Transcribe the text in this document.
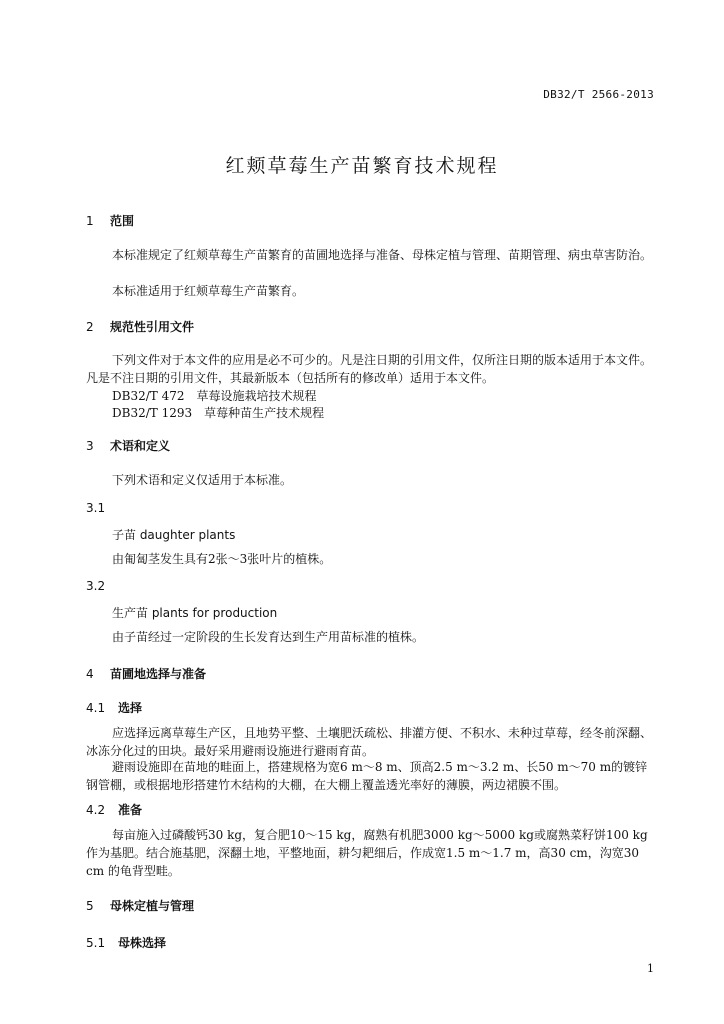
DB32/T 2566-2013
红颊草莓生产苗繁育技术规程
1 范围
本标准规定了红颊草莓生产苗繁育的苗圃地选择与准备、母株定植与管理、苗期管理、病虫草害防治。
本标准适用于红颊草莓生产苗繁育。
2 规范性引用文件
下列文件对于本文件的应用是必不可少的。凡是注日期的引用文件，仅所注日期的版本适用于本文件。凡是不注日期的引用文件，其最新版本（包括所有的修改单）适用于本文件。
DB32/T 472　草莓设施栽培技术规程
DB32/T 1293　草莓种苗生产技术规程
3 术语和定义
下列术语和定义仅适用于本标准。
3.1
子苗 daughter plants
由匍匐茎发生具有2张～3张叶片的植株。
3.2
生产苗 plants for production
由子苗经过一定阶段的生长发育达到生产用苗标准的植株。
4 苗圃地选择与准备
4.1 选择
应选择远离草莓生产区，且地势平整、土壤肥沃疏松、排灌方便、不积水、未种过草莓，经冬前深翻、冰冻分化过的田块。最好采用避雨设施进行避雨育苗。
避雨设施即在苗地的畦面上，搭建规格为宽6 m～8 m、顶高2.5 m～3.2 m、长50 m～70 m的镀锌钢管棚，或根据地形搭建竹木结构的大棚，在大棚上覆盖透光率好的薄膜，两边裙膜不围。
4.2 准备
每亩施入过磷酸钙30 kg，复合肥10～15 kg，腐熟有机肥3000 kg～5000 kg或腐熟菜籽饼100 kg作为基肥。结合施基肥，深翻土地，平整地面，耕匀耙细后，作成宽1.5 m～1.7 m，高30 cm，沟宽30 cm 的龟背型畦。
5 母株定植与管理
5.1 母株选择
1
